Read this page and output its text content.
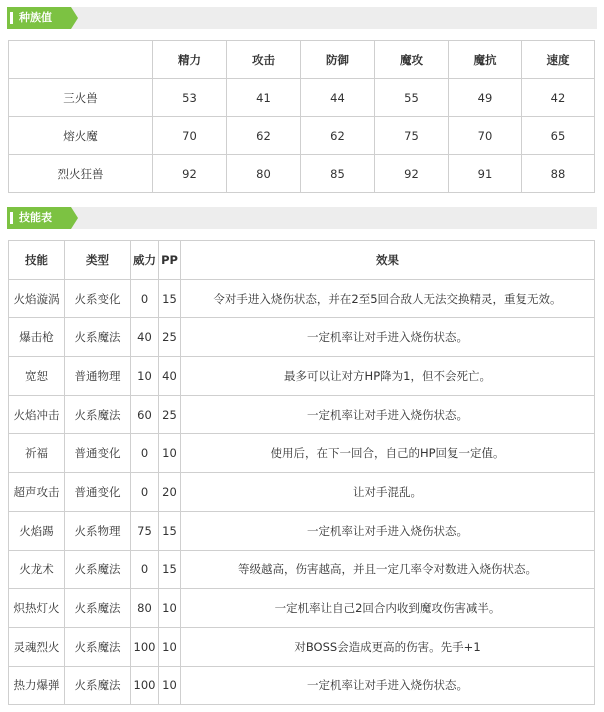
种族值
	精力	攻击	防御	魔攻	魔抗	速度
三火兽	53	41	44	55	49	42
熔火魔	70	62	62	75	70	65
烈火狂兽	92	80	85	92	91	88
技能表
技能	类型	威力	PP	效果
火焰漩涡	火系变化	0	15	令对手进入烧伤状态，并在2至5回合敌人无法交换精灵，重复无效。
爆击枪	火系魔法	40	25	一定机率让对手进入烧伤状态。
宽恕	普通物理	10	40	最多可以让对方HP降为1，但不会死亡。
火焰冲击	火系魔法	60	25	一定机率让对手进入烧伤状态。
祈福	普通变化	0	10	使用后，在下一回合，自己的HP回复一定值。
超声攻击	普通变化	0	20	让对手混乱。
火焰踢	火系物理	75	15	一定机率让对手进入烧伤状态。
火龙术	火系魔法	0	15	等级越高，伤害越高，并且一定几率令对数进入烧伤状态。
炽热灯火	火系魔法	80	10	一定机率让自己2回合内收到魔攻伤害减半。
灵魂烈火	火系魔法	100	10	对BOSS会造成更高的伤害。先手+1
热力爆弹	火系魔法	100	10	一定机率让对手进入烧伤状态。
